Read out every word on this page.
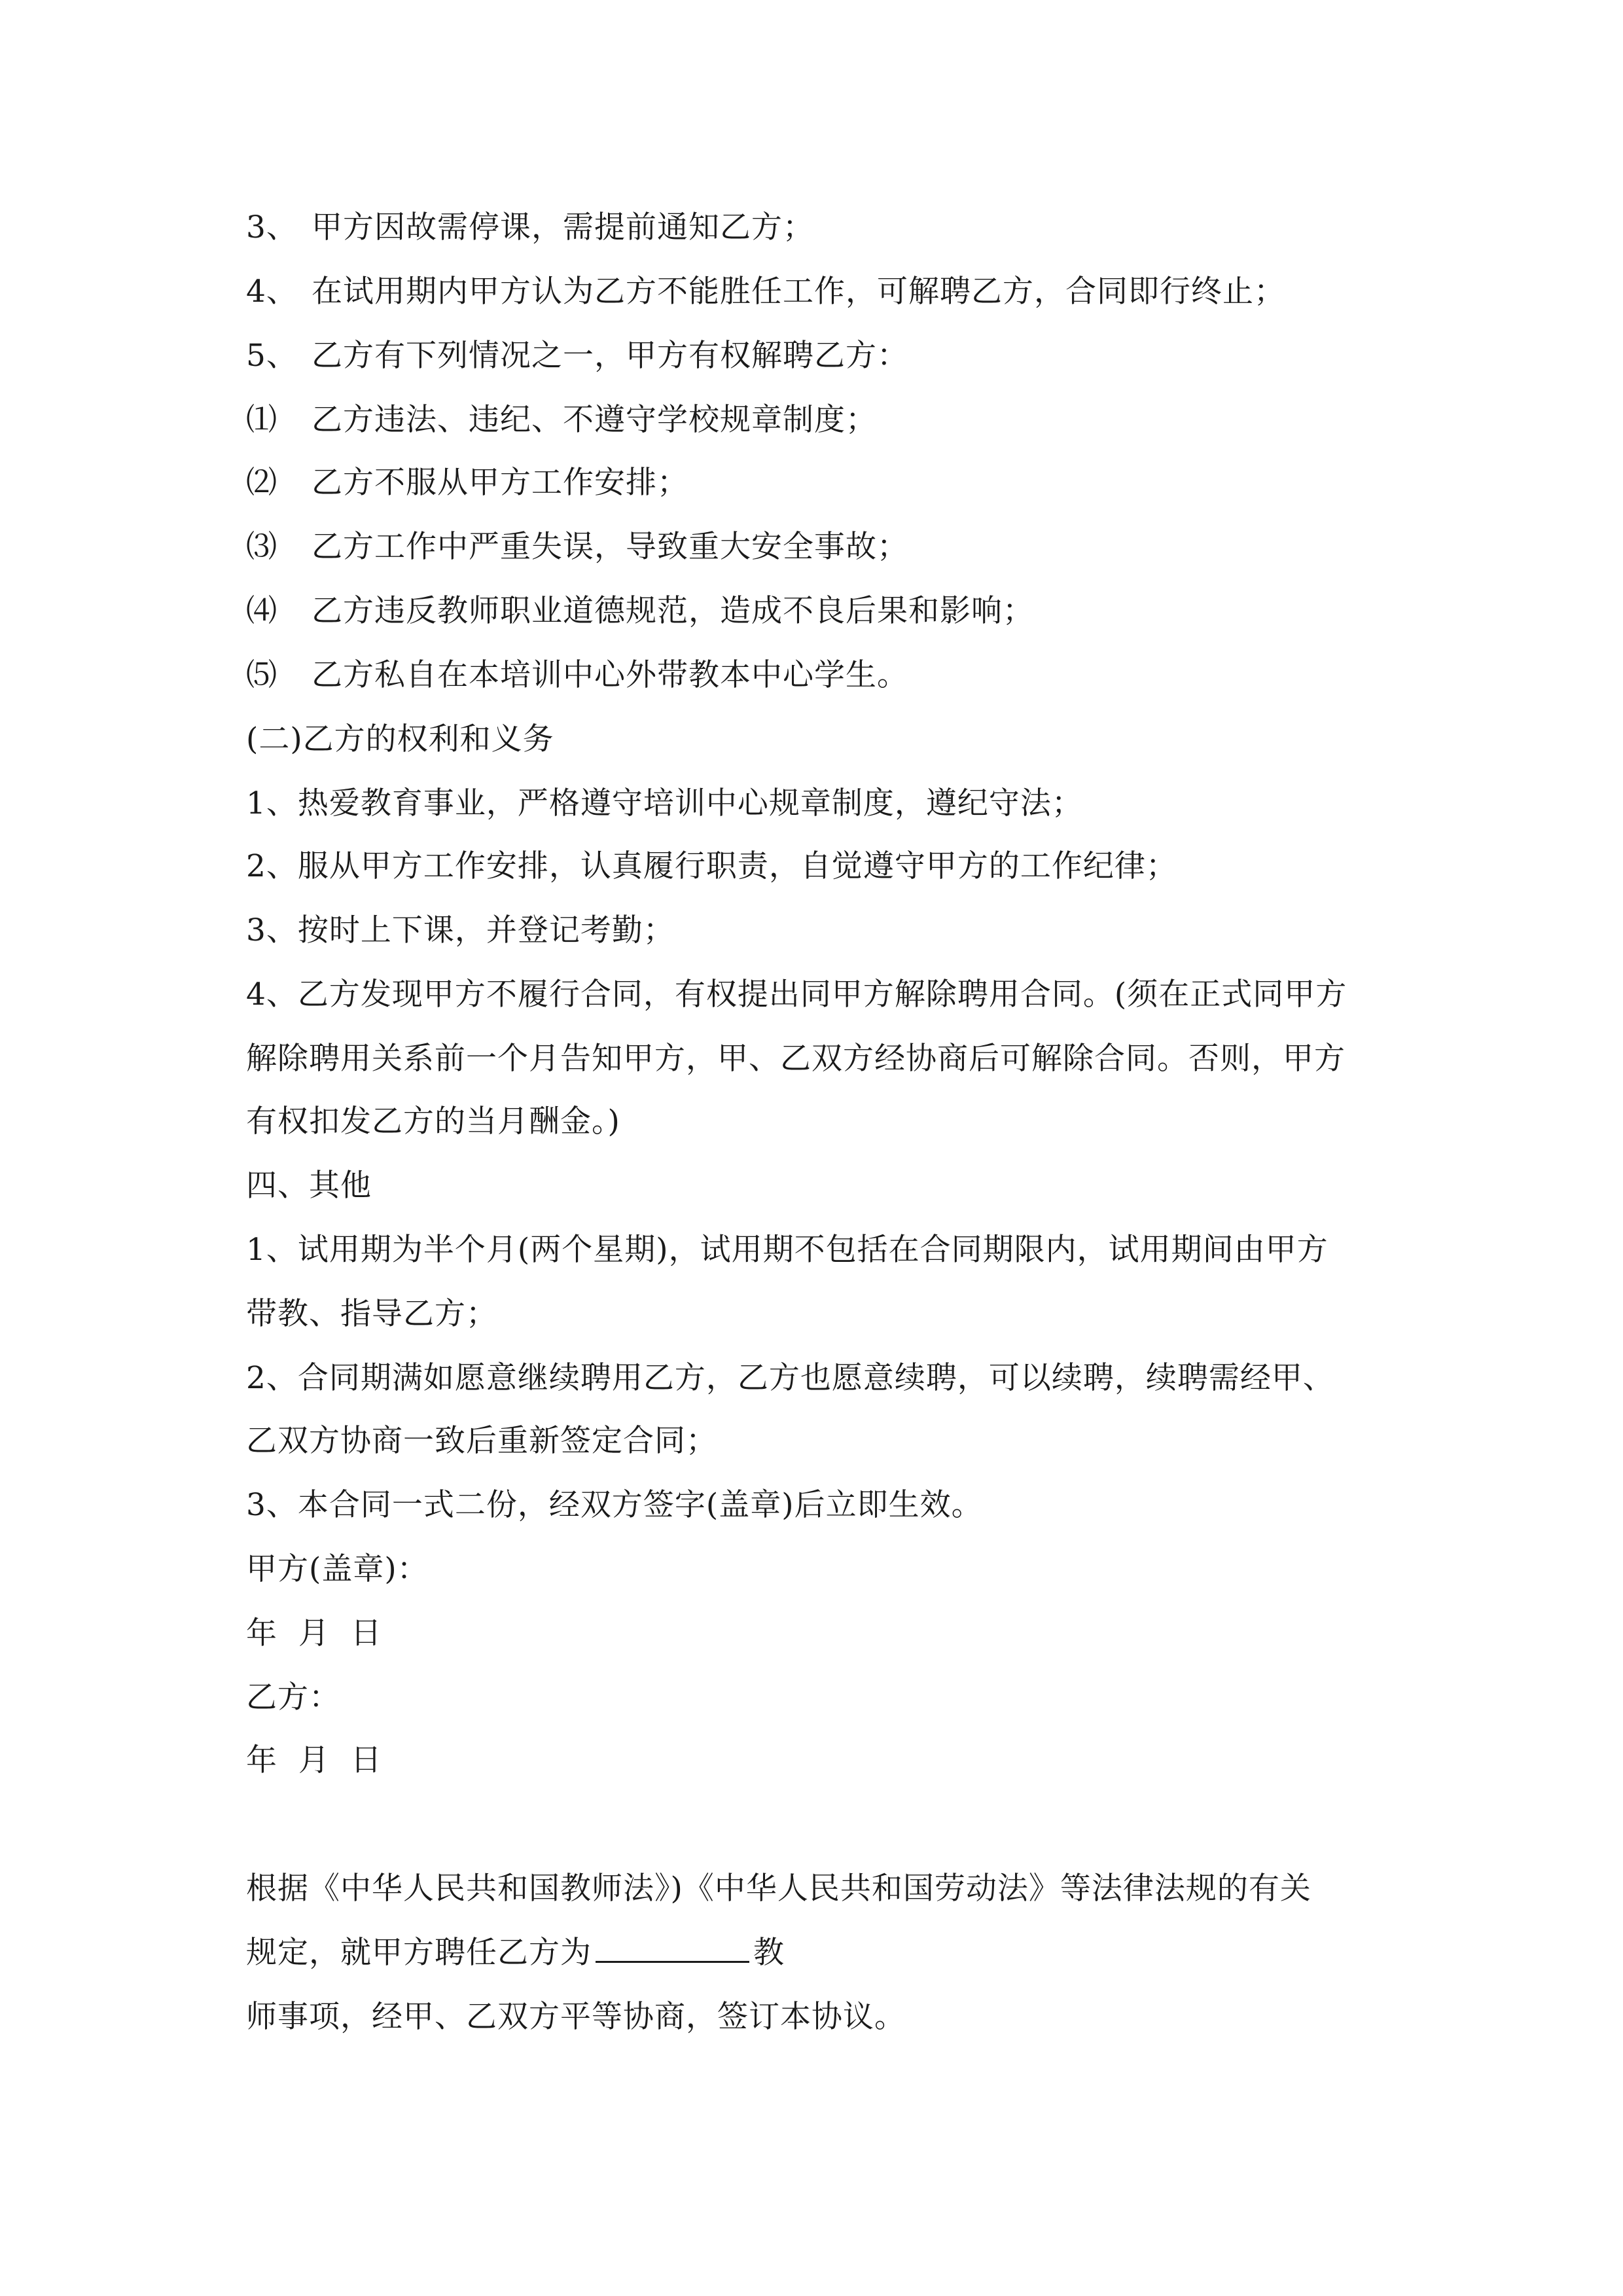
3、 甲方因故需停课，需提前通知乙方；
4、 在试用期内甲方认为乙方不能胜任工作，可解聘乙方，合同即行终止；
5、 乙方有下列情况之一，甲方有权解聘乙方：
⑴ 乙方违法、违纪、不遵守学校规章制度；
⑵ 乙方不服从甲方工作安排；
⑶ 乙方工作中严重失误，导致重大安全事故；
⑷ 乙方违反教师职业道德规范，造成不良后果和影响；
⑸ 乙方私自在本培训中心外带教本中心学生。
(二)乙方的权利和义务
1、热爱教育事业，严格遵守培训中心规章制度，遵纪守法；
2、服从甲方工作安排，认真履行职责，自觉遵守甲方的工作纪律；
3、按时上下课，并登记考勤；
4、乙方发现甲方不履行合同，有权提出同甲方解除聘用合同。(须在正式同甲方
解除聘用关系前一个月告知甲方，甲、乙双方经协商后可解除合同。否则，甲方
有权扣发乙方的当月酬金。)
四、其他
1、试用期为半个月(两个星期)，试用期不包括在合同期限内，试用期间由甲方
带教、指导乙方；
2、合同期满如愿意继续聘用乙方，乙方也愿意续聘，可以续聘，续聘需经甲、
乙双方协商一致后重新签定合同；
3、本合同一式二份，经双方签字(盖章)后立即生效。
甲方(盖章)：
年  月  日
乙方：
年  月  日
根据《中华人民共和国教师法》)《中华人民共和国劳动法》等法律法规的有关
规定，就甲方聘任乙方为	教
师事项，经甲、乙双方平等协商，签订本协议。
